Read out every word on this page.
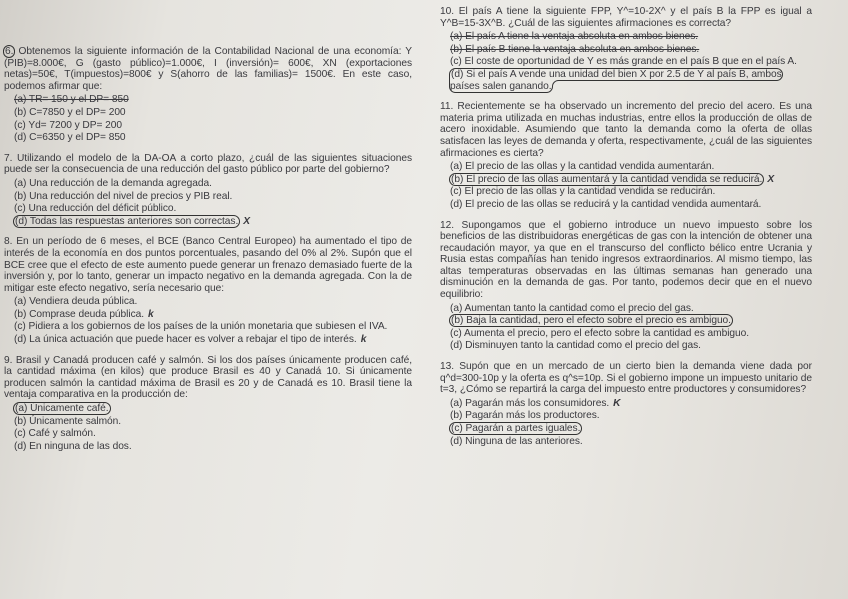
6. Obtenemos la siguiente información de la Contabilidad Nacional de una economía: Y (PIB)=8.000€, G (gasto público)=1.000€, I (inversión)= 600€, XN (exportaciones netas)=50€, T(impuestos)=800€ y S(ahorro de las familias)= 1500€. En este caso, podemos afirmar que:
(a) TR= 150 y el DP= 850
(b) C=7850 y el DP= 200
(c) Yd= 7200 y DP= 200
(d) C=6350 y el DP= 850
7. Utilizando el modelo de la DA-OA a corto plazo, ¿cuál de las siguientes situaciones puede ser la consecuencia de una reducción del gasto público por parte del gobierno?
(a) Una reducción de la demanda agregada.
(b) Una reducción del nivel de precios y PIB real.
(c) Una reducción del déficit público.
(d) Todas las respuestas anteriores son correctas. X
8. En un período de 6 meses, el BCE (Banco Central Europeo) ha aumentado el tipo de interés de la economía en dos puntos porcentuales, pasando del 0% al 2%. Supón que el BCE cree que el efecto de este aumento puede generar un frenazo demasiado fuerte de la inversión y, por lo tanto, generar un impacto negativo en la demanda agregada. Con la de mitigar este efecto negativo, sería necesario que:
(a) Vendiera deuda pública.
(b) Comprase deuda pública. k
(c) Pidiera a los gobiernos de los países de la unión monetaria que subiesen el IVA.
(d) La única actuación que puede hacer es volver a rebajar el tipo de interés. k
9. Brasil y Canadá producen café y salmón. Si los dos países únicamente producen café, la cantidad máxima (en kilos) que produce Brasil es 40 y Canadá 10. Si únicamente producen salmón la cantidad máxima de Brasil es 20 y de Canadá es 10. Brasil tiene la ventaja comparativa en la producción de:
(a) Únicamente café.
(b) Únicamente salmón.
(c) Café y salmón.
(d) En ninguna de las dos.
10. El país A tiene la siguiente FPP, Y^=10-2X^ y el país B la FPP es igual a Y^B=15-3X^B. ¿Cuál de las siguientes afirmaciones es correcta?
(a) El país A tiene la ventaja absoluta en ambos bienes.
(b) El país B tiene la ventaja absoluta en ambos bienes.
(c) El coste de oportunidad de Y es más grande en el país B que en el país A.
(d) Si el país A vende una unidad del bien X por 2.5 de Y al país B, ambos países salen ganando.
11. Recientemente se ha observado un incremento del precio del acero. Es una materia prima utilizada en muchas industrias, entre ellos la producción de ollas de acero inoxidable. Asumiendo que tanto la demanda como la oferta de ollas satisfacen las leyes de demanda y oferta, respectivamente, ¿cuál de las siguientes afirmaciones es cierta?
(a) El precio de las ollas y la cantidad vendida aumentarán.
(b) El precio de las ollas aumentará y la cantidad vendida se reducirá. X
(c) El precio de las ollas y la cantidad vendida se reducirán.
(d) El precio de las ollas se reducirá y la cantidad vendida aumentará.
12. Supongamos que el gobierno introduce un nuevo impuesto sobre los beneficios de las distribuidoras energéticas de gas con la intención de obtener una recaudación mayor, ya que en el transcurso del conflicto bélico entre Ucrania y Rusia estas compañías han tenido ingresos extraordinarios. Al mismo tiempo, las altas temperaturas observadas en las últimas semanas han generado una disminución en la demanda de gas. Por tanto, podemos decir que en el nuevo equilibrio:
(a) Aumentan tanto la cantidad como el precio del gas.
(b) Baja la cantidad, pero el efecto sobre el precio es ambiguo.
(c) Aumenta el precio, pero el efecto sobre la cantidad es ambiguo.
(d) Disminuyen tanto la cantidad como el precio del gas.
13. Supón que en un mercado de un cierto bien la demanda viene dada por q^d=300-10p y la oferta es q^s=10p. Si el gobierno impone un impuesto unitario de t=3, ¿Cómo se repartirá la carga del impuesto entre productores y consumidores?
(a) Pagarán más los consumidores. K
(b) Pagarán más los productores.
(c) Pagarán a partes iguales.
(d) Ninguna de las anteriores.
